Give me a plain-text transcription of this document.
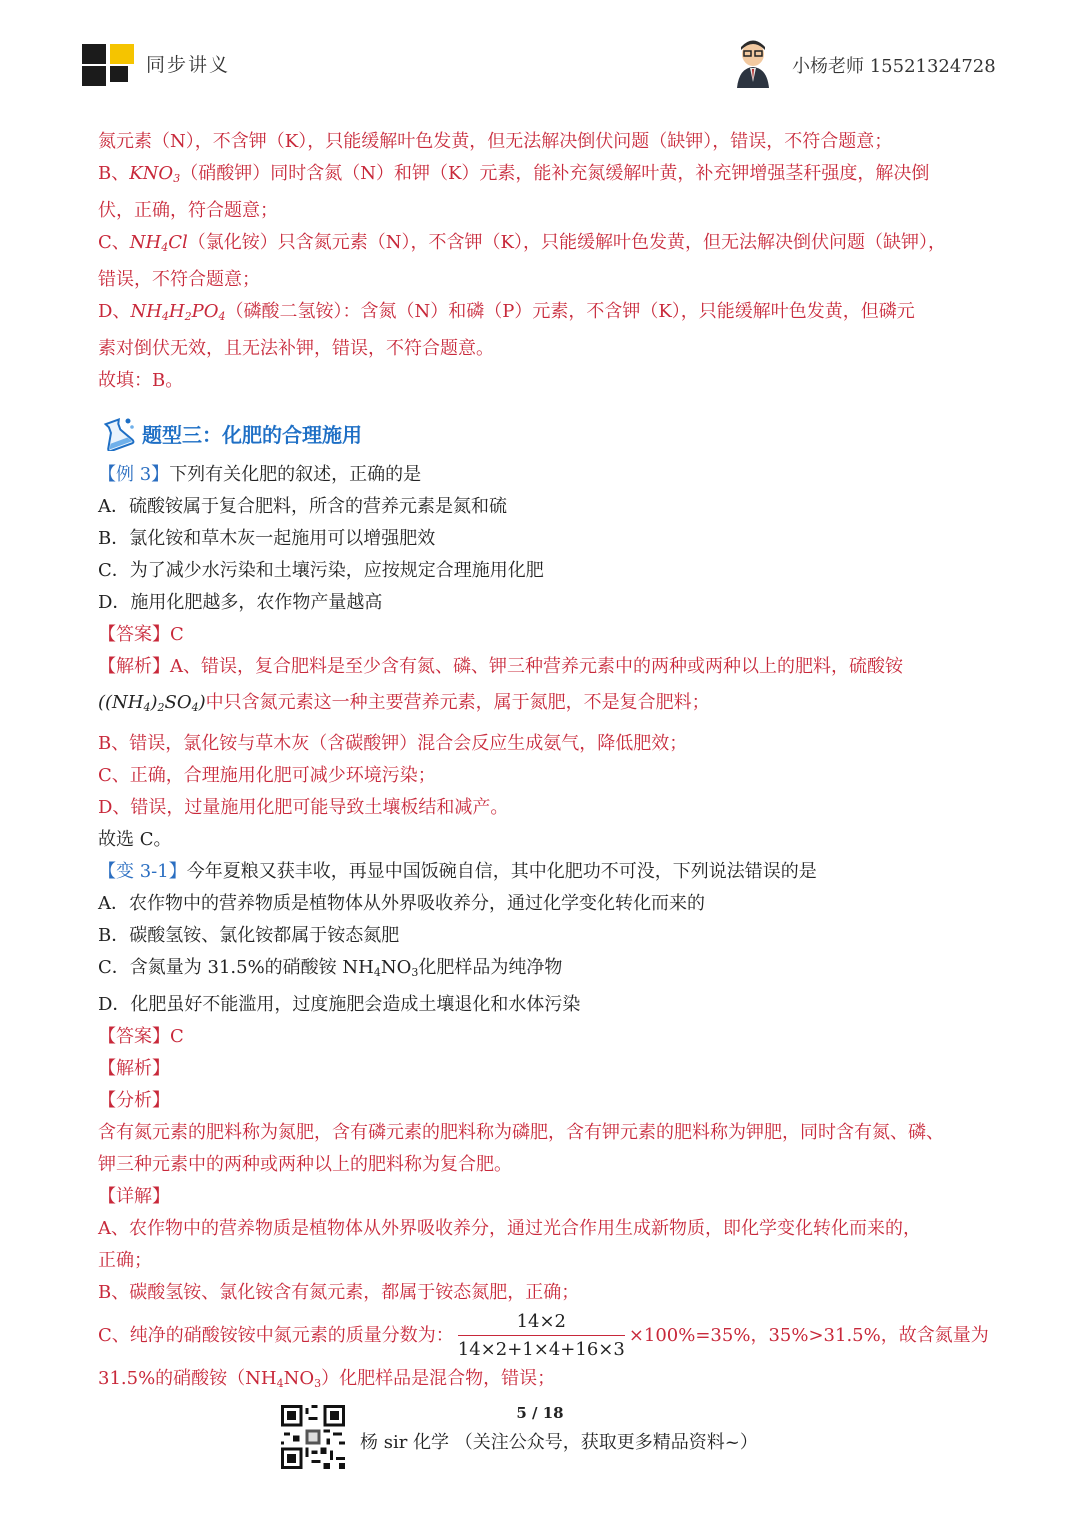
同步讲义	小杨老师 15521324728
氮元素（N），不含钾（K），只能缓解叶色发黄，但无法解决倒伏问题（缺钾），错误，不符合题意；
B、$KNO_3$（硝酸钾）同时含氮（N）和钾（K）元素，能补充氮缓解叶黄，补充钾增强茎秆强度，解决倒
伏，正确，符合题意；
C、$NH_4Cl$（氯化铵）只含氮元素（N），不含钾（K），只能缓解叶色发黄，但无法解决倒伏问题（缺钾），
错误，不符合题意；
D、$NH_4H_2PO_4$（磷酸二氢铵）：含氮（N）和磷（P）元素，不含钾（K），只能缓解叶色发黄，但磷元
素对倒伏无效，且无法补钾，错误，不符合题意。
故填：B。
题型三：化肥的合理施用
【例 3】下列有关化肥的叙述，正确的是
A．硫酸铵属于复合肥料，所含的营养元素是氮和硫
B．氯化铵和草木灰一起施用可以增强肥效
C．为了减少水污染和土壤污染，应按规定合理施用化肥
D．施用化肥越多，农作物产量越高
【答案】C
【解析】A、错误，复合肥料是至少含有氮、磷、钾三种营养元素中的两种或两种以上的肥料，硫酸铵
$((NH_4)_2SO_4)$中只含氮元素这一种主要营养元素，属于氮肥，不是复合肥料；
B、错误，氯化铵与草木灰（含碳酸钾）混合会反应生成氨气，降低肥效；
C、正确，合理施用化肥可减少环境污染；
D、错误，过量施用化肥可能导致土壤板结和减产。
故选 C。
【变 3-1】今年夏粮又获丰收，再显中国饭碗自信，其中化肥功不可没，下列说法错误的是
A．农作物中的营养物质是植物体从外界吸收养分，通过化学变化转化而来的
B．碳酸氢铵、氯化铵都属于铵态氮肥
C．含氮量为 31.5%的硝酸铵 $NH_4NO_3$化肥样品为纯净物
D．化肥虽好不能滥用，过度施肥会造成土壤退化和水体污染
【答案】C
【解析】
【分析】
含有氮元素的肥料称为氮肥，含有磷元素的肥料称为磷肥，含有钾元素的肥料称为钾肥，同时含有氮、磷、
钾三种元素中的两种或两种以上的肥料称为复合肥。
【详解】
A、农作物中的营养物质是植物体从外界吸收养分，通过光合作用生成新物质，即化学变化转化而来的，
正确；
B、碳酸氢铵、氯化铵含有氮元素，都属于铵态氮肥，正确；
C、纯净的硝酸铵铵中氮元素的质量分数为： $\frac{14\times 2}{14\times 2+1\times 4+16\times 3} \times 100\%=35\%$，35%>31.5%，故含氮量为
31.5%的硝酸铵$(NH_4NO_3)$化肥样品是混合物，错误；
5 / 18
杨 sir 化学 （关注公众号，获取更多精品资料~）
